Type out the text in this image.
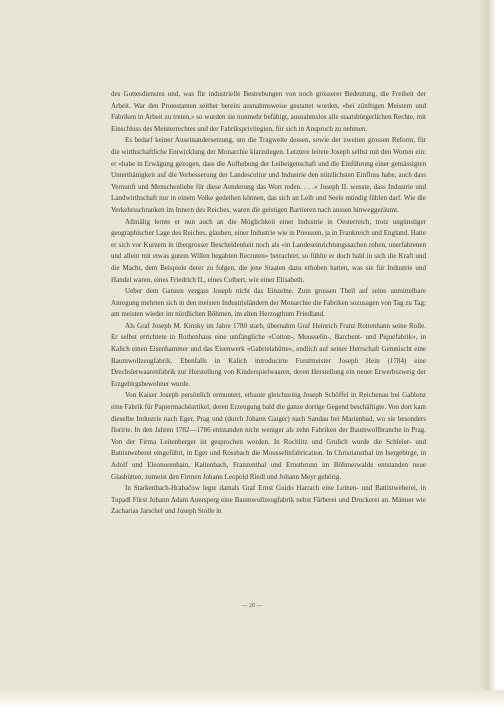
des Gottesdienstes und, was für industrielle Bestrebungen von noch grösserer Bedeutung, die Freiheit der Arbeit. War den Protestanten seither bereits ausnahmsweise gestattet worden, «bei zünftigen Meistern und Fabriken in Arbeit zu treten,» so wurden sie nunmehr befähigt, ausnahmslos alle staatsbürgerlichen Rechte, mit Einschluss des Meisterrechtes und der Fabriksprivilegien, für sich in Anspruch zu nehmen.

Es bedarf keiner Auseinandersetzung, um die Tragweite dessen, sowie der zweiten grossen Reform, für die wirthschaftliche Entwicklung der Monarchie klarzulegen. Letztere leitete Joseph selbst mit den Worten ein: er «habe in Erwägung gezogen, dass die Aufhebung der Leibeigenschaft und die Einführung einer gemässigten Unterthänigkeit auf die Verbesserung der Landescultur und Industrie den nützlichsten Einfluss habe, auch dass Vernunft und Menschenliebe für diese Aenderung das Wort reden. . . .» Joseph II. wusste, dass Industrie und Landwirthschaft nur in einem Volke gedeihen können, das sich an Leib und Seele mündig fühlen darf. Wie die Verkehrsschranken im Innern des Reiches, waren die geistigen Barrieren nach aussen hinweggeräumt.

Allmälig lernte er nun auch an die Möglichkeit einer Industrie in Oesterreich, trotz ungünstiger geographischer Lage des Reiches, glauben, einer Industrie wie in Preussen, ja in Frankreich und England. Hatte er sich vor Kurzem in übergrosser Bescheidenheit noch als «in Landeseinrichtungssachen rohen, unerfahrenen und allein mit etwas gutem Willen begabten Recruten» betrachtet, so fühlte er doch bald in sich die Kraft und die Macht, dem Beispiele derer zu folgen, die jene Staaten dazu erhoben hatten, was sie für Industrie und Handel waren, eines Friedrich II., eines Colbert, wie einer Elisabeth.

Ueber dem Ganzen vergass Joseph nicht das Einzelne. Zum grossen Theil auf seine unmittelbare Anregung mehrten sich in den meisten Industrieländern der Monarchie die Fabriken sozusagen von Tag zu Tag; am meisten wieder im nördlichen Böhmen, im alten Herzogthum Friedland.

Als Graf Joseph M. Kinsky im Jahre 1780 starb, übernahm Graf Heinrich Franz Rottenhann seine Rolle. Er selbst errichtete in Rothenhaus eine umfängliche «Cotton-, Mousselin-, Barchent- und Piquéfabrik», in Kalich einen Eisenhammer und das Eisenwerk «Gabrielahütte», endlich auf seiner Herrschaft Gemnischt eine Baumwollzeugfabrik. Ebenfalls in Kalich introducirte Forstmeister Joseph Hein (1784) eine Drechslerwaarenfabrik zur Herstellung von Kinderspielwaaren, deren Herstellung ein neuer Erwerbszweig der Erzgebirgsbewohner wurde.

Von Kaiser Joseph persönlich ermuntert, erbaute gleichzeitig Joseph Schöffel in Reichenau bei Gablonz eine Fabrik für Papiermachéartikel, deren Erzeugung bald die ganze dortige Gegend beschäftigte. Von dort kam dieselbe Industrie nach Eger, Prag und (durch Johann Gaiger) nach Sandau bei Marienbad, wo sie besonders florirte. In den Jahren 1782—1786 entstanden nicht weniger als zehn Fabriken der Baumwollbranche in Prag. Von der Firma Leitenberger ist gesprochen worden. In Rochlitz und Grulich wurde die Schleier- und Battistweberei eingeführt, in Eger und Rossbach die Mousselinfabrication. In Christiansthal im Isergebirge, in Adolf und Eleonorenhain, Kaltenbach, Franzenthal und Ernstbrunn im Böhmerwalde entstanden neue Glashütten, zumeist den Firmen Johann Leopold Riedl und Johann Meyr gehörig.

In Starkenbach-Hrabačow legte damals Graf Ernst Guido Harrach eine Leinen- und Battistweberei, in Tupadl Fürst Johann Adam Auersperg eine Baumwollzeugfabrik nebst Färberei und Druckerei an. Männer wie Zacharias Jarschel und Joseph Stolle in

— 28 —
